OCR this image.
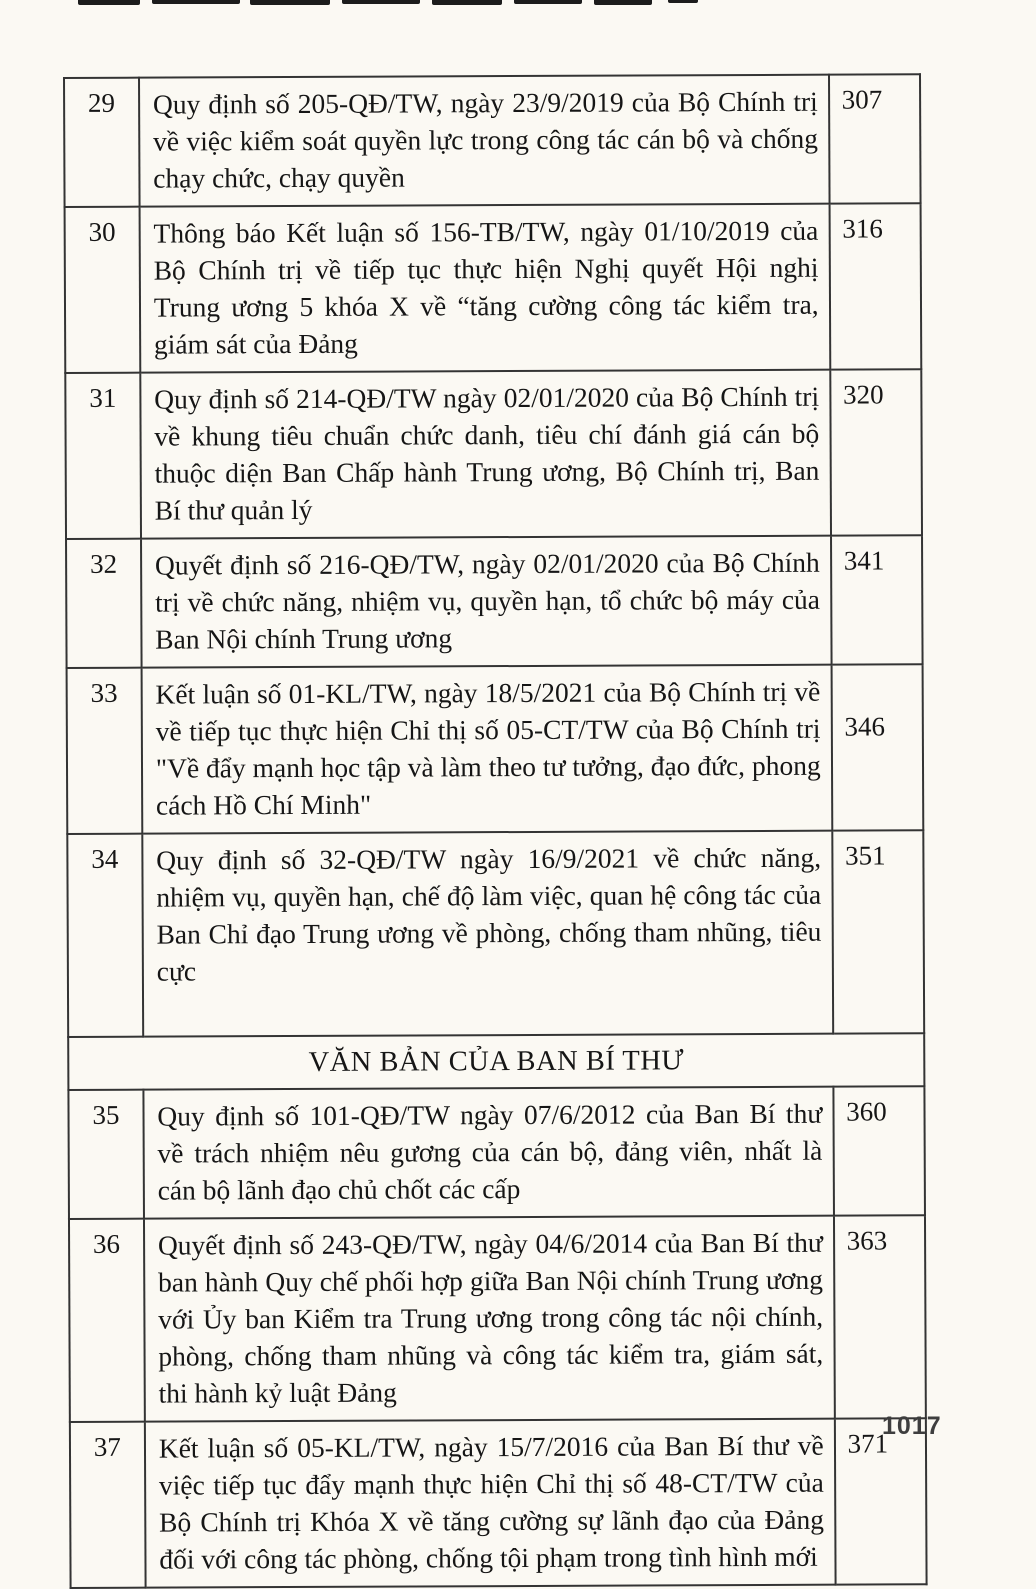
29	Quy định số 205-QĐ/TW, ngày 23/9/2019 của Bộ Chính trị về việc kiểm soát quyền lực trong công tác cán bộ và chống chạy chức, chạy quyền	307
30	Thông báo Kết luận số 156-TB/TW, ngày 01/10/2019 của Bộ Chính trị về tiếp tục thực hiện Nghị quyết Hội nghị Trung ương 5 khóa X về “tăng cường công tác kiểm tra, giám sát của Đảng	316
31	Quy định số 214-QĐ/TW ngày 02/01/2020 của Bộ Chính trị về khung tiêu chuẩn chức danh, tiêu chí đánh giá cán bộ thuộc diện Ban Chấp hành Trung ương, Bộ Chính trị, Ban Bí thư quản lý	320
32	Quyết định số 216-QĐ/TW, ngày 02/01/2020 của Bộ Chính trị về chức năng, nhiệm vụ, quyền hạn, tổ chức bộ máy của Ban Nội chính Trung ương	341
33	Kết luận số 01-KL/TW, ngày 18/5/2021 của Bộ Chính trị về về tiếp tục thực hiện Chỉ thị số 05-CT/TW của Bộ Chính trị "Về đẩy mạnh học tập và làm theo tư tưởng, đạo đức, phong cách Hồ Chí Minh"	346
34	Quy định số 32-QĐ/TW ngày 16/9/2021 về chức năng, nhiệm vụ, quyền hạn, chế độ làm việc, quan hệ công tác của Ban Chỉ đạo Trung ương về phòng, chống tham nhũng, tiêu cực	351
VĂN BẢN CỦA BAN BÍ THƯ		
35	Quy định số 101-QĐ/TW ngày 07/6/2012 của Ban Bí thư về trách nhiệm nêu gương của cán bộ, đảng viên, nhất là cán bộ lãnh đạo chủ chốt các cấp	360
36	Quyết định số 243-QĐ/TW, ngày 04/6/2014 của Ban Bí thư ban hành Quy chế phối hợp giữa Ban Nội chính Trung ương với Ủy ban Kiểm tra Trung ương trong công tác nội chính, phòng, chống tham nhũng và công tác kiểm tra, giám sát, thi hành kỷ luật Đảng	363
37	Kết luận số 05-KL/TW, ngày 15/7/2016 của Ban Bí thư về việc tiếp tục đẩy mạnh thực hiện Chỉ thị số 48-CT/TW của Bộ Chính trị Khóa X về tăng cường sự lãnh đạo của Đảng đối với công tác phòng, chống tội phạm trong tình hình mới	371
1017
